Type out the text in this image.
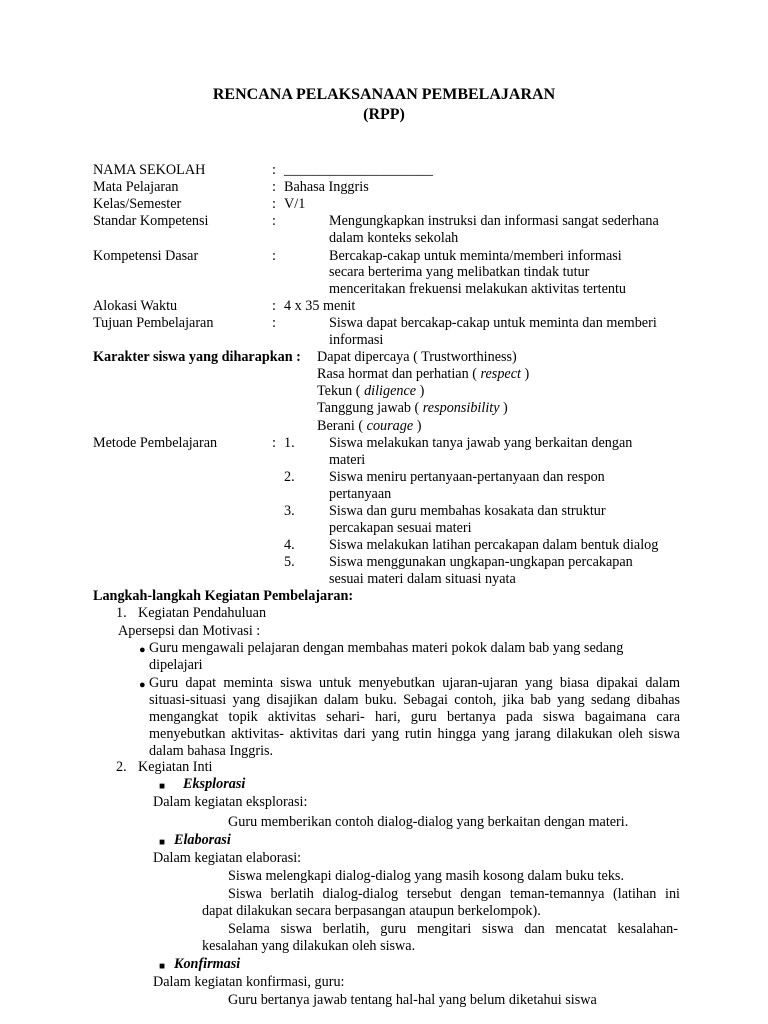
RENCANA PELAKSANAAN PEMBELAJARAN
(RPP)
NAMA SEKOLAH	: _____________________
Mata Pelajaran	: Bahasa Inggris
Kelas/Semester	: V/1
Standar Kompetensi	:	Mengungkapkan instruksi dan informasi sangat sederhana
dalam konteks sekolah
Kompetensi Dasar	:	Bercakap-cakap untuk meminta/memberi informasi
secara berterima yang melibatkan tindak tutur
menceritakan frekuensi melakukan aktivitas tertentu
Alokasi Waktu	: 4 x 35 menit
Tujuan Pembelajaran	:	Siswa dapat bercakap-cakap untuk meminta dan memberi
informasi
Karakter siswa yang diharapkan : Dapat dipercaya ( Trustworthiness)
Rasa hormat dan perhatian ( respect )
Tekun ( diligence )
Tanggung jawab ( responsibility )
Berani ( courage )
Metode Pembelajaran	: 1. Siswa melakukan tanya jawab yang berkaitan dengan
materi
2. Siswa meniru pertanyaan-pertanyaan dan respon
pertanyaan
3. Siswa dan guru membahas kosakata dan struktur
percakapan sesuai materi
4. Siswa melakukan latihan percakapan dalam bentuk dialog
5. Siswa menggunakan ungkapan-ungkapan percakapan
sesuai materi dalam situasi nyata
Langkah-langkah Kegiatan Pembelajaran:
1. Kegiatan Pendahuluan
Apersepsi dan Motivasi :
● Guru mengawali pelajaran dengan membahas materi pokok dalam bab yang sedang
dipelajari
● Guru dapat meminta siswa untuk menyebutkan ujaran-ujaran yang biasa dipakai dalam situasi-situasi yang disajikan dalam buku. Sebagai contoh, jika bab yang sedang dibahas mengangkat topik aktivitas sehari- hari, guru bertanya pada siswa bagaimana cara menyebutkan aktivitas- aktivitas dari yang rutin hingga yang jarang dilakukan oleh siswa dalam bahasa Inggris.
2. Kegiatan Inti
■ Eksplorasi
Dalam kegiatan eksplorasi:
Guru memberikan contoh dialog-dialog yang berkaitan dengan materi.
■ Elaborasi
Dalam kegiatan elaborasi:
Siswa melengkapi dialog-dialog yang masih kosong dalam buku teks.
Siswa berlatih dialog-dialog tersebut dengan teman-temannya (latihan ini
dapat dilakukan secara berpasangan ataupun berkelompok).
Selama siswa berlatih, guru mengitari siswa dan mencatat kesalahan-
kesalahan yang dilakukan oleh siswa.
■ Konfirmasi
Dalam kegiatan konfirmasi, guru:
Guru bertanya jawab tentang hal-hal yang belum diketahui siswa
